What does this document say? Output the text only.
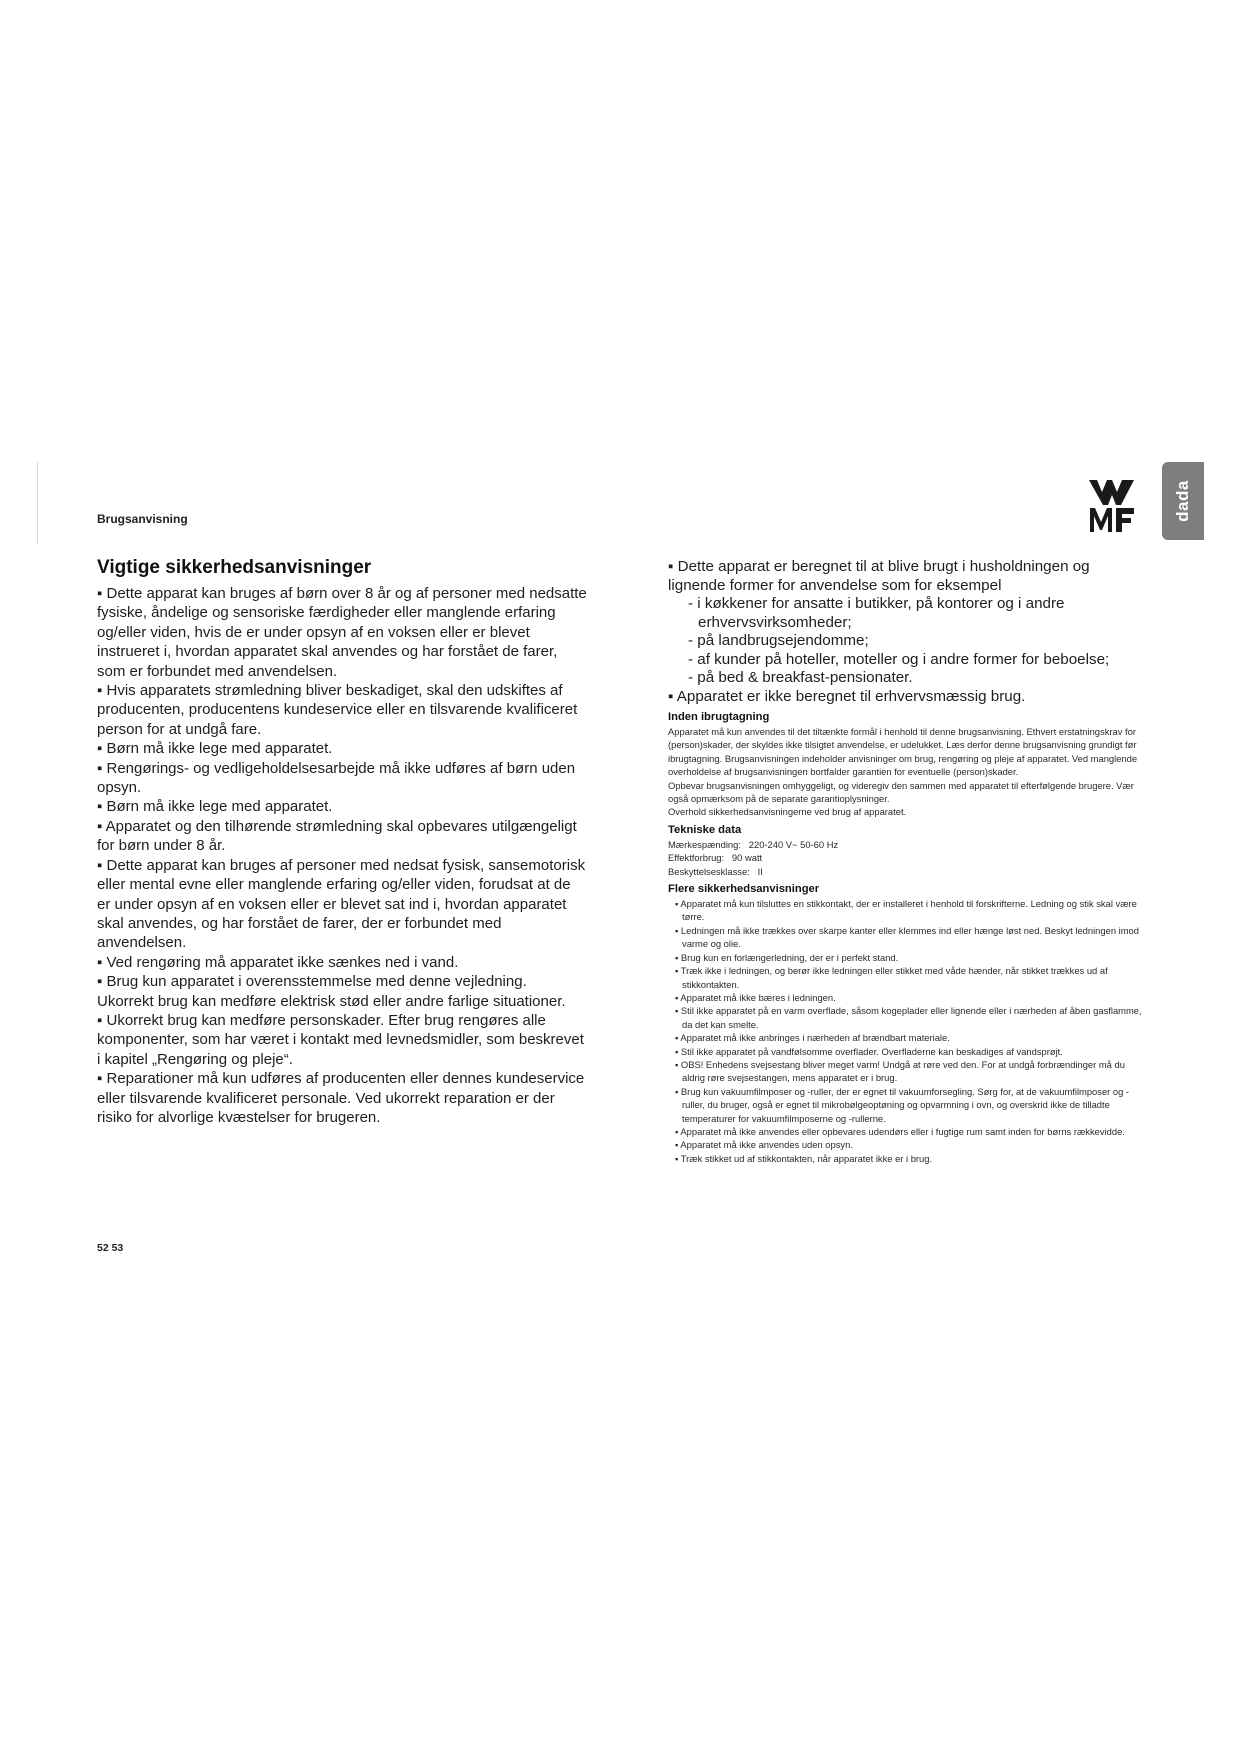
Brugsanvisning	dada
Vigtige sikkerhedsanvisninger

▪ Dette apparat kan bruges af børn over 8 år og af personer med nedsatte fysiske, åndelige og sensoriske færdigheder eller manglende erfaring og/eller viden, hvis de er under opsyn af en voksen eller er blevet instrueret i, hvordan apparatet skal anvendes og har forstået de farer, som er forbundet med anvendelsen.

▪ Hvis apparatets strømledning bliver beskadiget, skal den udskiftes af producenten, producentens kundeservice eller en tilsvarende kvalificeret person for at undgå fare.

▪ Børn må ikke lege med apparatet.

▪ Rengørings- og vedligeholdelsesarbejde må ikke udføres af børn uden opsyn.

▪ Børn må ikke lege med apparatet.

▪ Apparatet og den tilhørende strømledning skal opbevares utilgængeligt for børn under 8 år.

▪ Dette apparat kan bruges af personer med nedsat fysisk, sansemotorisk eller mental evne eller manglende erfaring og/eller viden, forudsat at de er under opsyn af en voksen eller er blevet sat ind i, hvordan apparatet skal anvendes, og har forstået de farer, der er forbundet med anvendelsen.

▪ Ved rengøring må apparatet ikke sænkes ned i vand.

▪ Brug kun apparatet i overensstemmelse med denne vejledning. Ukorrekt brug kan medføre elektrisk stød eller andre farlige situationer.

▪ Ukorrekt brug kan medføre personskader. Efter brug rengøres alle komponenter, som har været i kontakt med levnedsmidler, som beskrevet i kapitel „Rengøring og pleje“.

▪ Reparationer må kun udføres af producenten eller dennes kundeservice eller tilsvarende kvalificeret personale. Ved ukorrekt reparation er der risiko for alvorlige kvæstelser for brugeren.

▪ Dette apparat er beregnet til at blive brugt i husholdningen og lignende former for anvendelse som for eksempel

- i køkkener for ansatte i butikker, på kontorer og i andre

erhvervsvirksomheder;

- på landbrugsejendomme;

- af kunder på hoteller, moteller og i andre former for beboelse;

- på bed & breakfast-pensionater.

▪ Apparatet er ikke beregnet til erhvervsmæssig brug.

Inden ibrugtagning

Apparatet må kun anvendes til det tiltænkte formål i henhold til denne brugsanvisning. Ethvert erstatningskrav for (person)skader, der skyldes ikke tilsigtet anvendelse, er udelukket. Læs derfor denne brugsanvisning grundigt før ibrugtagning. Brugsanvisningen indeholder anvisninger om brug, rengøring og pleje af apparatet. Ved manglende overholdelse af brugsanvisningen bortfalder garantien for eventuelle (person)skader.

Opbevar brugsanvisningen omhyggeligt, og videregiv den sammen med apparatet til efterfølgende brugere. Vær også opmærksom på de separate garantioplysninger.

Overhold sikkerhedsanvisningerne ved brug af apparatet.

Tekniske data

Mærkespænding:   220-240 V~ 50-60 Hz

Effektforbrug:   90 watt

Beskyttelsesklasse:   II

Flere sikkerhedsanvisninger
▪ Apparatet må kun tilsluttes en stikkontakt, der er installeret i henhold til forskrifterne. Ledning og stik skal være tørre.
▪ Ledningen må ikke trækkes over skarpe kanter eller klemmes ind eller hænge løst ned. Beskyt ledningen imod varme og olie.
▪ Brug kun en forlængerledning, der er i perfekt stand.
▪ Træk ikke i ledningen, og berør ikke ledningen eller stikket med våde hænder, når stikket trækkes ud af stikkontakten.
▪ Apparatet må ikke bæres i ledningen.
▪ Stil ikke apparatet på en varm overflade, såsom kogeplader eller lignende eller i nærheden af åben gasflamme, da det kan smelte.
▪ Apparatet må ikke anbringes i nærheden af brændbart materiale.
▪ Stil ikke apparatet på vandfølsomme overflader. Overfladerne kan beskadiges af vandsprøjt.
▪ OBS! Enhedens svejsestang bliver meget varm! Undgå at røre ved den. For at undgå forbrændinger må du aldrig røre svejsestangen, mens apparatet er i brug.
▪ Brug kun vakuumfilmposer og -ruller, der er egnet til vakuumforsegling. Sørg for, at de vakuumfilmposer og -ruller, du bruger, også er egnet til mikrobølgeoptøning og opvarmning i ovn, og overskrid ikke de tilladte temperaturer for vakuumfilmposerne og -rullerne.
▪ Apparatet må ikke anvendes eller opbevares udendørs eller i fugtige rum samt inden for børns rækkevidde.
▪ Apparatet må ikke anvendes uden opsyn.
▪ Træk stikket ud af stikkontakten, når apparatet ikke er i brug.
52 53
